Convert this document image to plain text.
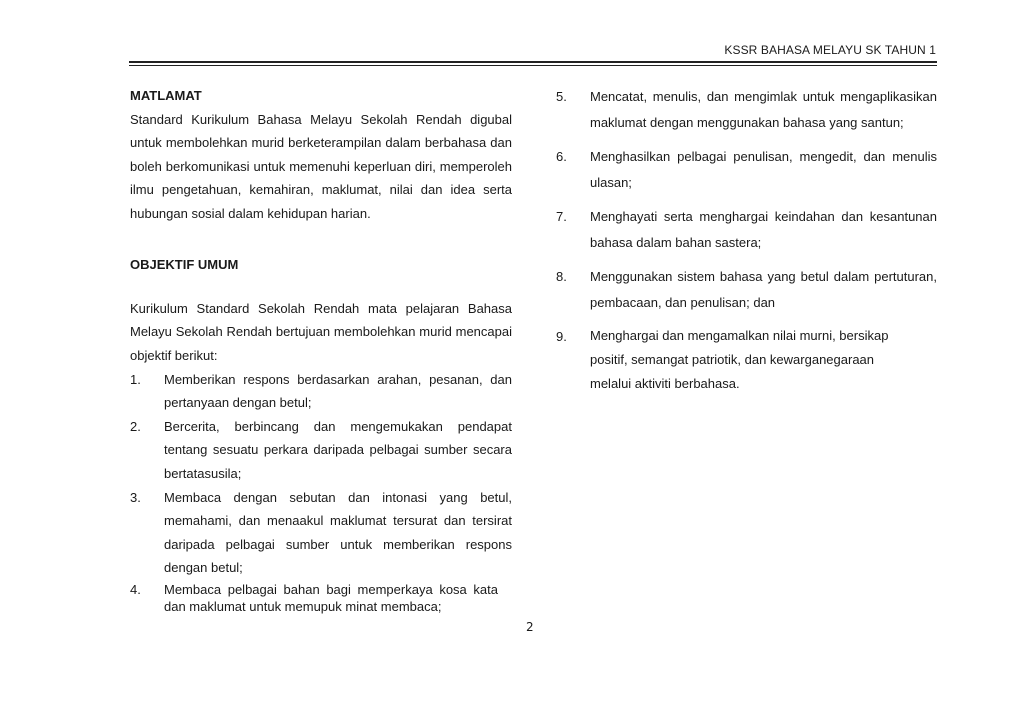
KSSR BAHASA MELAYU SK TAHUN 1

MATLAMAT

Standard Kurikulum Bahasa Melayu Sekolah Rendah digubal untuk membolehkan murid berketerampilan dalam berbahasa dan boleh berkomunikasi untuk memenuhi keperluan diri, memperoleh ilmu pengetahuan, kemahiran, maklumat, nilai dan idea serta hubungan sosial dalam kehidupan harian.

OBJEKTIF UMUM

Kurikulum Standard Sekolah Rendah mata pelajaran Bahasa Melayu Sekolah Rendah bertujuan membolehkan murid mencapai objektif berikut:

1. Memberikan respons berdasarkan arahan, pesanan, dan pertanyaan dengan betul;
2. Bercerita, berbincang dan mengemukakan pendapat tentang sesuatu perkara daripada pelbagai sumber secara bertatasusila;
3. Membaca dengan sebutan dan intonasi yang betul, memahami, dan menaakul maklumat tersurat dan tersirat daripada pelbagai sumber untuk memberikan respons dengan betul;
4. Membaca pelbagai bahan bagi memperkaya kosa kata dan maklumat untuk memupuk minat membaca;
5. Mencatat, menulis, dan mengimlak untuk mengaplikasikan maklumat dengan menggunakan bahasa yang santun;
6. Menghasilkan pelbagai penulisan, mengedit, dan menulis ulasan;
7. Menghayati serta menghargai keindahan dan kesantunan bahasa dalam bahan sastera;
8. Menggunakan sistem bahasa yang betul dalam pertuturan, pembacaan, dan penulisan; dan
9. Menghargai dan mengamalkan nilai murni, bersikap positif, semangat patriotik, dan kewarganegaraan melalui aktiviti berbahasa.
2
